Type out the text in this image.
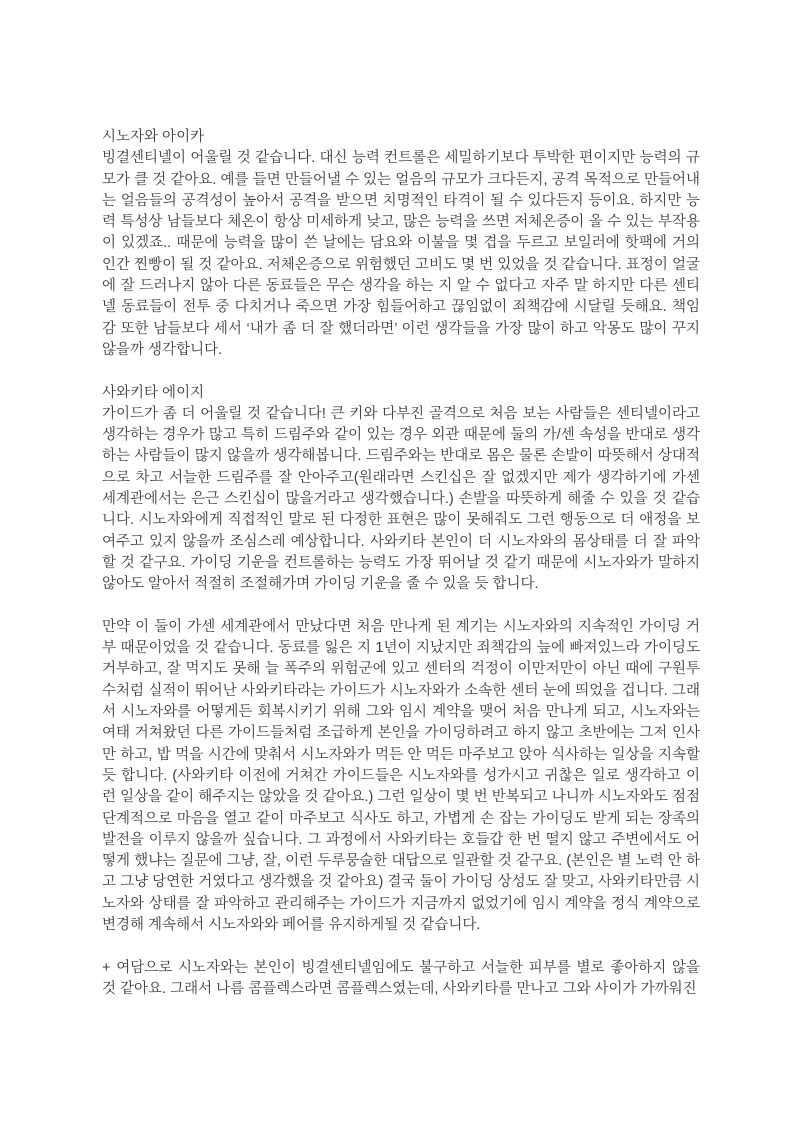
시노자와 아이카

빙결센티넬이 어울릴 것 같습니다. 대신 능력 컨트롤은 세밀하기보다 투박한 편이지만 능력의 규모가 클 것 같아요. 예를 들면 만들어낼 수 있는 얼음의 규모가 크다든지, 공격 목적으로 만들어내는 얼음들의 공격성이 높아서 공격을 받으면 치명적인 타격이 될 수 있다든지 등이요. 하지만 능력 특성상 남들보다 체온이 항상 미세하게 낮고, 많은 능력을 쓰면 저체온증이 올 수 있는 부작용이 있겠죠.. 때문에 능력을 많이 쓴 날에는 담요와 이불을 몇 겹을 두르고 보일러에 핫팩에 거의 인간 찐빵이 될 것 같아요. 저체온증으로 위험했던 고비도 몇 번 있었을 것 같습니다. 표정이 얼굴에 잘 드러나지 않아 다른 동료들은 무슨 생각을 하는 지 알 수 없다고 자주 말 하지만 다른 센티넬 동료들이 전투 중 다치거나 죽으면 가장 힘들어하고 끊임없이 죄책감에 시달릴 듯해요. 책임감 또한 남들보다 세서 ‘내가 좀 더 잘 했더라면’ 이런 생각들을 가장 많이 하고 악몽도 많이 꾸지 않을까 생각합니다.

사와키타 에이지

가이드가 좀 더 어울릴 것 같습니다! 큰 키와 다부진 골격으로 처음 보는 사람들은 센티넬이라고 생각하는 경우가 많고 특히 드림주와 같이 있는 경우 외관 때문에 둘의 가/센 속성을 반대로 생각하는 사람들이 많지 않을까 생각해봅니다. 드림주와는 반대로 몸은 물론 손발이 따뜻해서 상대적으로 차고 서늘한 드림주를 잘 안아주고(원래라면 스킨십은 잘 없겠지만 제가 생각하기에 가센 세계관에서는 은근 스킨십이 많을거라고 생각했습니다.) 손발을 따뜻하게 해줄 수 있을 것 같습니다. 시노자와에게 직접적인 말로 된 다정한 표현은 많이 못해줘도 그런 행동으로 더 애정을 보여주고 있지 않을까 조심스레 예상합니다. 사와키타 본인이 더 시노자와의 몸상태를 더 잘 파악할 것 같구요. 가이딩 기운을 컨트롤하는 능력도 가장 뛰어날 것 같기 때문에 시노자와가 말하지 않아도 알아서 적절히 조절해가며 가이딩 기운을 줄 수 있을 듯 합니다.

만약 이 둘이 가센 세계관에서 만났다면 처음 만나게 된 계기는 시노자와의 지속적인 가이딩 거부 때문이었을 것 같습니다. 동료를 잃은 지 1년이 지났지만 죄책감의 늪에 빠져있느라 가이딩도 거부하고, 잘 먹지도 못해 늘 폭주의 위험군에 있고 센터의 걱정이 이만저만이 아닌 때에 구원투수처럼 실적이 뛰어난 사와키타라는 가이드가 시노자와가 소속한 센터 눈에 띄었을 겁니다. 그래서 시노자와를 어떻게든 회복시키기 위해 그와 임시 계약을 맺어 처음 만나게 되고, 시노자와는 여태 거쳐왔던 다른 가이드들처럼 조급하게 본인을 가이딩하려고 하지 않고 초반에는 그저 인사만 하고, 밥 먹을 시간에 맞춰서 시노자와가 먹든 안 먹든 마주보고 앉아 식사하는 일상을 지속할 듯 합니다. (사와키타 이전에 거쳐간 가이드들은 시노자와를 성가시고 귀찮은 일로 생각하고 이런 일상을 같이 해주지는 않았을 것 같아요.) 그런 일상이 몇 번 반복되고 나니까 시노자와도 점점 단계적으로 마음을 열고 같이 마주보고 식사도 하고, 가볍게 손 잡는 가이딩도 받게 되는 장족의 발전을 이루지 않을까 싶습니다. 그 과정에서 사와키타는 호들갑 한 번 떨지 않고 주변에서도 어떻게 했냐는 질문에 그냥, 잘, 이런 두루뭉술한 대답으로 일관할 것 같구요. (본인은 별 노력 안 하고 그냥 당연한 거였다고 생각했을 것 같아요) 결국 둘이 가이딩 상성도 잘 맞고, 사와키타만큼 시노자와 상태를 잘 파악하고 관리해주는 가이드가 지금까지 없었기에 임시 계약을 정식 계약으로 변경해 계속해서 시노자와와 페어를 유지하게될 것 같습니다.

+ 여담으로 시노자와는 본인이 빙결센티넬임에도 불구하고 서늘한 피부를 별로 좋아하지 않을 것 같아요. 그래서 나름 콤플렉스라면 콤플렉스였는데, 사와키타를 만나고 그와 사이가 가까워진
